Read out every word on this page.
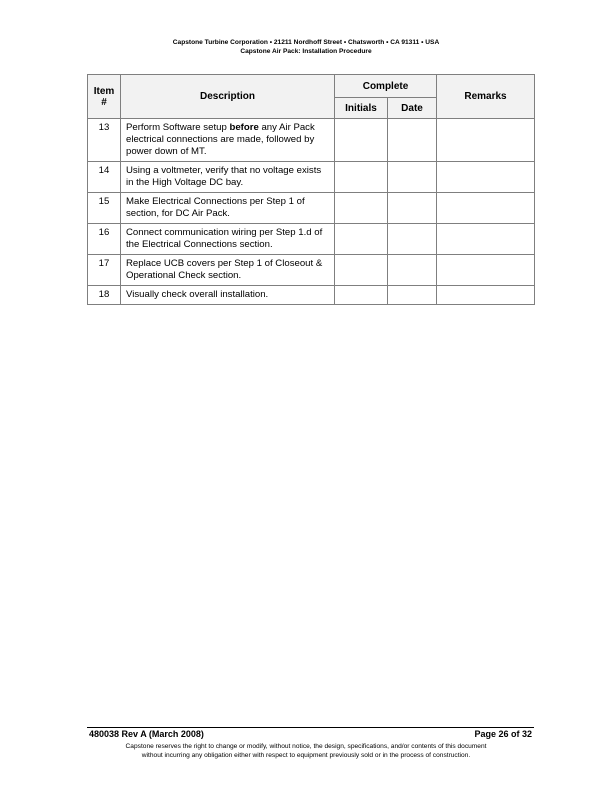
Capstone Turbine Corporation • 21211 Nordhoff Street • Chatsworth • CA 91311 • USA
Capstone Air Pack: Installation Procedure
Item
#	Description	Complete		Remarks
		Initials	Date	
13	Perform Software setup before any Air Pack electrical connections are made, followed by power down of MT.			
14	Using a voltmeter, verify that no voltage exists in the High Voltage DC bay.			
15	Make Electrical Connections per Step 1 of section, for DC Air Pack.			
16	Connect communication wiring per Step 1.d of the Electrical Connections section.			
17	Replace UCB covers per Step 1 of Closeout & Operational Check section.			
18	Visually check overall installation.			
480038 Rev A (March 2008)	Page 26 of 32
Capstone reserves the right to change or modify, without notice, the design, specifications, and/or contents of this document
without incurring any obligation either with respect to equipment previously sold or in the process of construction.
